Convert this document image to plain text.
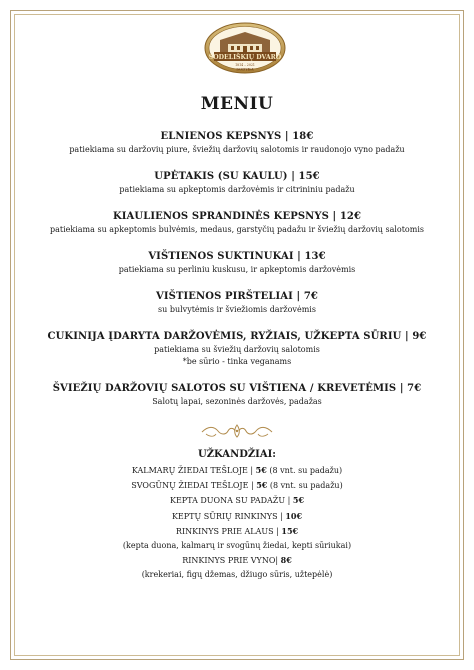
SODELIŠKIŲ DVARO
1814 – 2021
SODYBA
MENIU
ELNIENOS KEPSNYS | 18€
patiekiama su daržovių piure, šviežių daržovių salotomis ir raudonojo vyno padažu
UPĖTAKIS (SU KAULU) | 15€
patiekiama su apkeptomis daržovėmis ir citrininiu padažu
KIAULIENOS SPRANDINĖS KEPSNYS | 12€
patiekiama su apkeptomis bulvėmis, medaus, garstyčių padažu ir šviežių daržovių salotomis
VIŠTIENOS SUKTINUKAI | 13€
patiekiama su perliniu kuskusu, ir apkeptomis daržovėmis
VIŠTIENOS PIRŠTELIAI | 7€
su bulvytėmis ir šviežiomis daržovėmis
CUKINIJA ĮDARYTA DARŽOVĖMIS, RYŽIAIS, UŽKEPTA SŪRIU | 9€
patiekiama su šviežių daržovių salotomis
*be sūrio - tinka veganams
ŠVIEŽIŲ DARŽOVIŲ SALOTOS SU VIŠTIENA / KREVETĖMIS | 7€
Salotų lapai, sezoninės daržovės, padažas
UŽKANDŽIAI:
KALMARŲ ŽIEDAI TEŠLOJE | 5€ (8 vnt. su padažu)
SVOGŪNŲ ŽIEDAI TEŠLOJE | 5€ (8 vnt. su padažu)
KEPTA DUONA SU PADAŽU | 5€
KEPTŲ SŪRIŲ RINKINYS | 10€
RINKINYS PRIE ALAUS | 15€
(kepta duona, kalmarų ir svogūnų žiedai, kepti sūriukai)
RINKINYS PRIE VYNO| 8€
(krekeriai, figų džemas, džiugo sūris, užtepėlė)
